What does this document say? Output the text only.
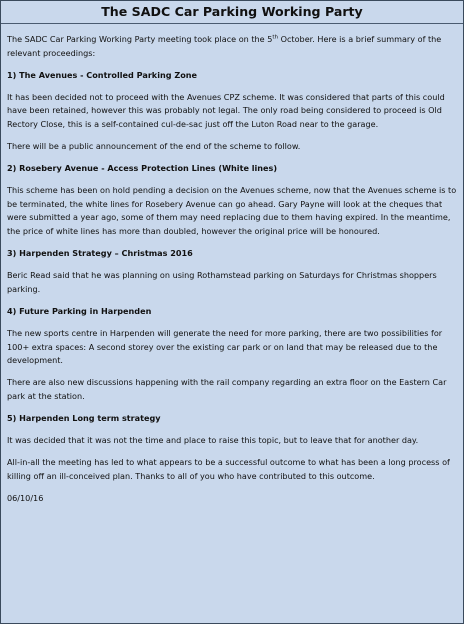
The SADC Car Parking Working Party

The SADC Car Parking Working Party meeting took place on the 5th October. Here is a brief summary of the relevant proceedings:

1) The Avenues - Controlled Parking Zone

It has been decided not to proceed with the Avenues CPZ scheme. It was considered that parts of this could have been retained, however this was probably not legal. The only road being considered to proceed is Old Rectory Close, this is a self-contained cul-de-sac just off the Luton Road near to the garage.

There will be a public announcement of the end of the scheme to follow.

2) Rosebery Avenue - Access Protection Lines (White lines)

This scheme has been on hold pending a decision on the Avenues scheme, now that the Avenues scheme is to be terminated, the white lines for Rosebery Avenue can go ahead. Gary Payne will look at the cheques that were submitted a year ago, some of them may need replacing due to them having expired. In the meantime, the price of white lines has more than doubled, however the original price will be honoured.

3) Harpenden Strategy – Christmas 2016

Beric Read said that he was planning on using Rothamstead parking on Saturdays for Christmas shoppers parking.

4) Future Parking in Harpenden

The new sports centre in Harpenden will generate the need for more parking, there are two possibilities for 100+ extra spaces: A second storey over the existing car park or on land that may be released due to the development.

There are also new discussions happening with the rail company regarding an extra floor on the Eastern Car park at the station.

5) Harpenden Long term strategy

It was decided that it was not the time and place to raise this topic, but to leave that for another day.

All-in-all the meeting has led to what appears to be a successful outcome to what has been a long process of killing off an ill-conceived plan. Thanks to all of you who have contributed to this outcome.

06/10/16
